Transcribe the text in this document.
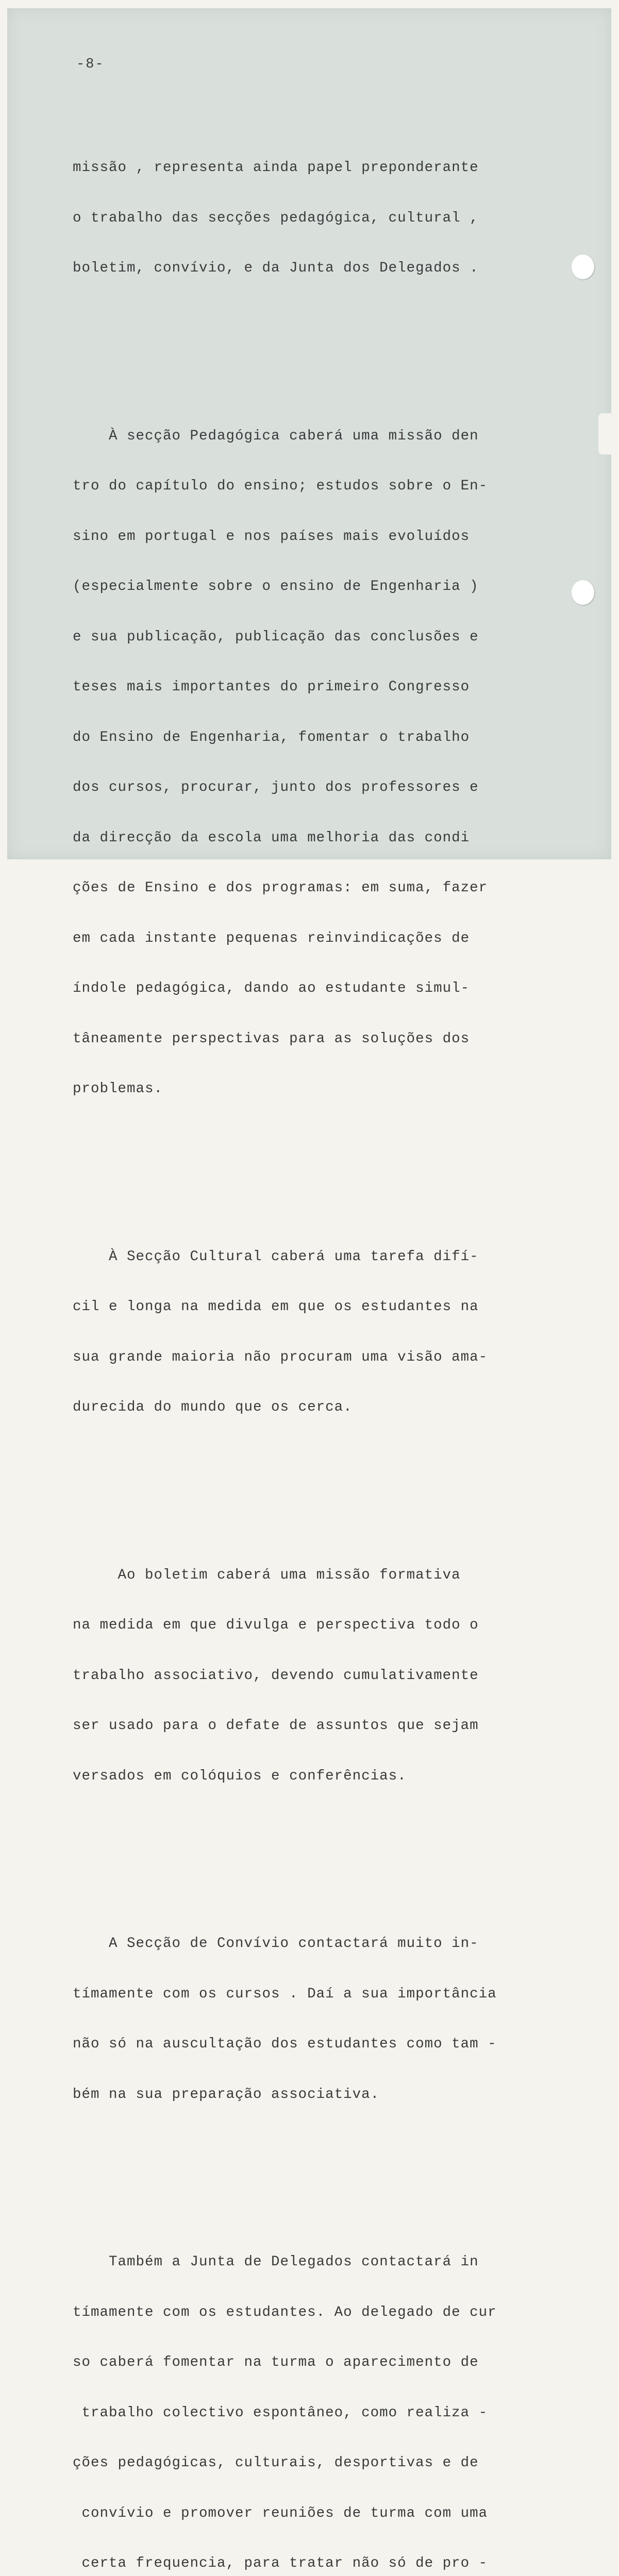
-8-

missão , representa ainda papel preponderante

o trabalho das secções pedagógica, cultural ,

boletim, convívio, e da Junta dos Delegados .

À secção Pedagógica caberá uma missão den

tro do capítulo do ensino; estudos sobre o En-

sino em portugal e nos países mais evoluídos

(especialmente sobre o ensino de Engenharia )

e sua publicação, publicação das conclusões e

teses mais importantes do primeiro Congresso

do Ensino de Engenharia, fomentar o trabalho

dos cursos, procurar, junto dos professores e

da direcção da escola uma melhoria das condi

ções de Ensino e dos programas: em suma, fazer

em cada instante pequenas reinvindicações de

índole pedagógica, dando ao estudante simul-

tâneamente perspectivas para as soluções dos

problemas.

À Secção Cultural caberá uma tarefa difí-

cil e longa na medida em que os estudantes na

sua grande maioria não procuram uma visão ama-

durecida do mundo que os cerca.

Ao boletim caberá uma missão formativa

na medida em que divulga e perspectiva todo o

trabalho associativo, devendo cumulativamente

ser usado para o defate de assuntos que sejam

versados em colóquios e conferências.

A Secção de Convívio contactará muito in-

tímamente com os cursos . Daí a sua importância

não só na auscultação dos estudantes como tam -

bém na sua preparação associativa.

Também a Junta de Delegados contactará in

tímamente com os estudantes. Ao delegado de cur

so caberá fomentar na turma o aparecimento de

trabalho colectivo espontâneo, como realiza -

ções pedagógicas, culturais, desportivas e de

convívio e promover reuniões de turma com uma

certa frequencia, para tratar não só de pro -
